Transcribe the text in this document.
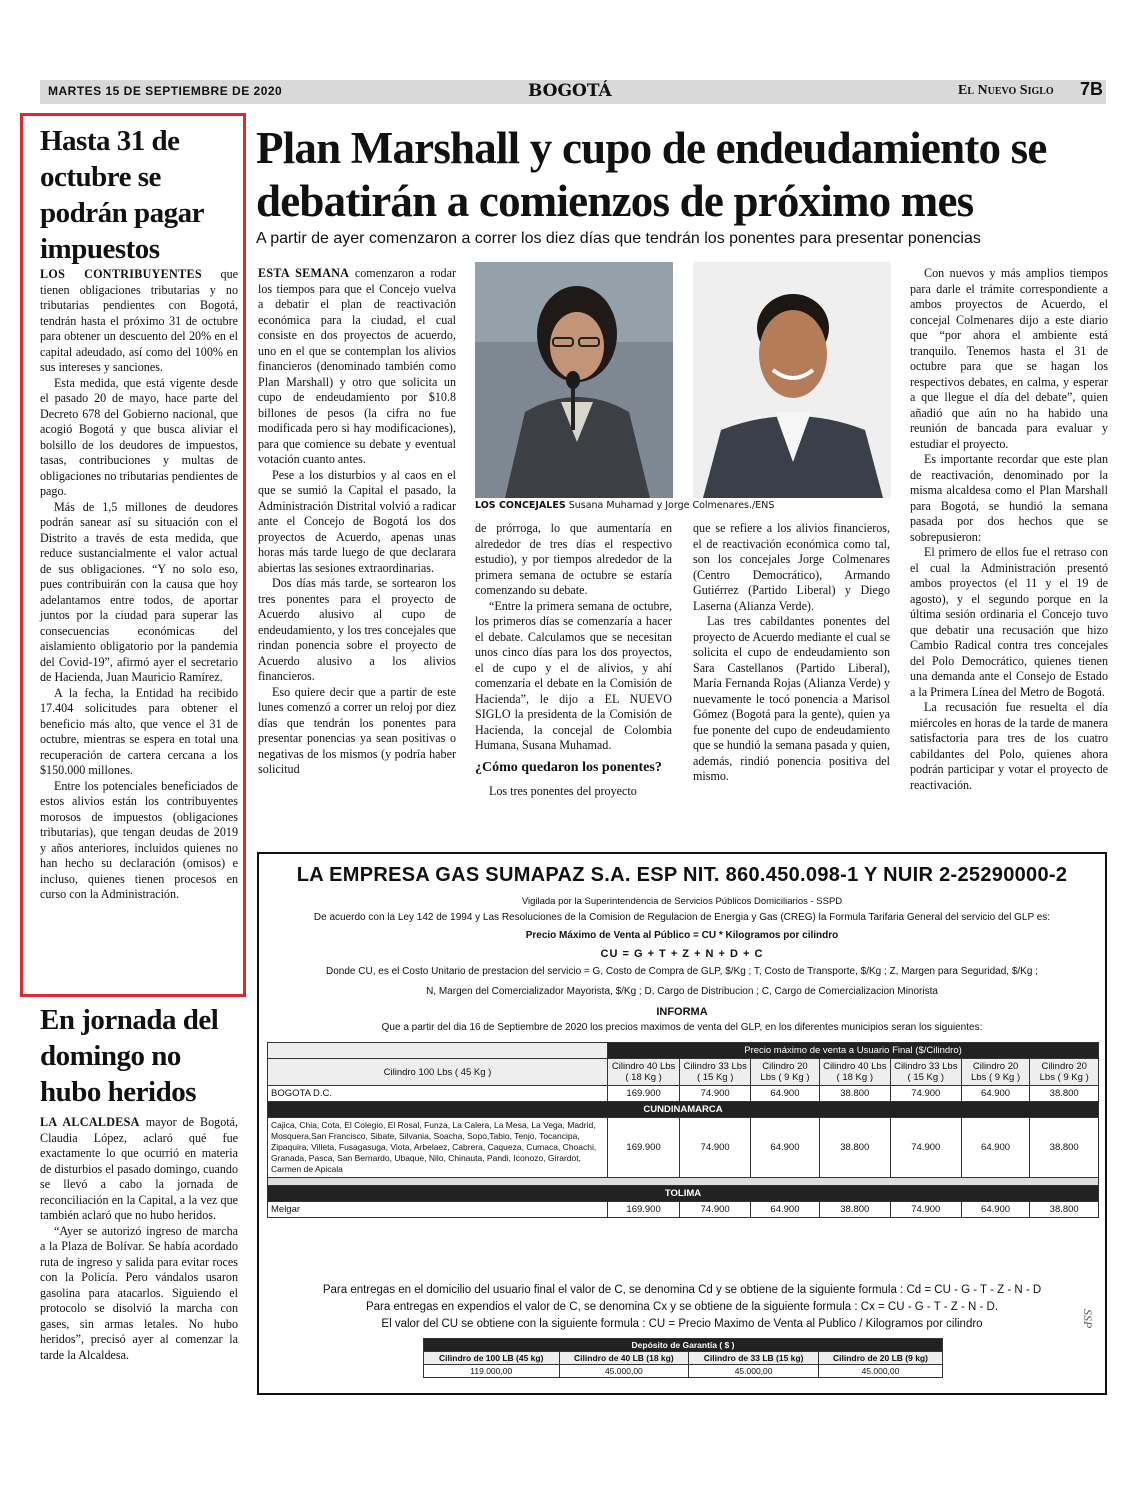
MARTES 15 DE SEPTIEMBRE DE 2020	BOGOTÁ	El Nuevo Siglo 7B
Hasta 31 de octubre se podrán pagar impuestos

LOS CONTRIBUYENTES que tienen obligaciones tributarias y no tributarias pendientes con Bogotá, tendrán hasta el próximo 31 de octubre para obtener un descuento del 20% en el capital adeudado, así como del 100% en sus intereses y sanciones.

Esta medida, que está vigente desde el pasado 20 de mayo, hace parte del Decreto 678 del Gobierno nacional, que acogió Bogotá y que busca aliviar el bolsillo de los deudores de impuestos, tasas, contribuciones y multas de obligaciones no tributarias pendientes de pago.

Más de 1,5 millones de deudores podrán sanear así su situación con el Distrito a través de esta medida, que reduce sustancialmente el valor actual de sus obligaciones. “Y no solo eso, pues contribuirán con la causa que hoy adelantamos entre todos, de aportar juntos por la ciudad para superar las consecuencias económicas del aislamiento obligatorio por la pandemia del Covid-19”, afirmó ayer el secretario de Hacienda, Juan Mauricio Ramírez.

A la fecha, la Entidad ha recibido 17.404 solicitudes para obtener el beneficio más alto, que vence el 31 de octubre, mientras se espera en total una recuperación de cartera cercana a los $150.000 millones.

Entre los potenciales beneficiados de estos alivios están los contribuyentes morosos de impuestos (obligaciones tributarias), que tengan deudas de 2019 y años anteriores, incluidos quienes no han hecho su declaración (omisos) e incluso, quienes tienen procesos en curso con la Administración.

En jornada del domingo no hubo heridos

LA ALCALDESA mayor de Bogotá, Claudia López, aclaró qué fue exactamente lo que ocurrió en materia de disturbios el pasado domingo, cuando se llevó a cabo la jornada de reconciliación en la Capital, a la vez que también aclaró que no hubo heridos.

“Ayer se autorizó ingreso de marcha a la Plaza de Bolívar. Se había acordado ruta de ingreso y salida para evitar roces con la Policía. Pero vándalos usaron gasolina para atacarlos. Siguiendo el protocolo se disolvió la marcha con gases, sin armas letales. No hubo heridos”, precisó ayer al comenzar la tarde la Alcaldesa.

Plan Marshall y cupo de endeudamiento se debatirán a comienzos de próximo mes
A partir de ayer comenzaron a correr los diez días que tendrán los ponentes para presentar ponencias

ESTA SEMANA comenzaron a rodar los tiempos para que el Concejo vuelva a debatir el plan de reactivación económica para la ciudad, el cual consiste en dos proyectos de acuerdo, uno en el que se contemplan los alivios financieros (denominado también como Plan Marshall) y otro que solicita un cupo de endeudamiento por $10.8 billones de pesos (la cifra no fue modificada pero si hay modificaciones), para que comience su debate y eventual votación cuanto antes.

Pese a los disturbios y al caos en el que se sumió la Capital el pasado, la Administración Distrital volvió a radicar ante el Concejo de Bogotá los dos proyectos de Acuerdo, apenas unas horas más tarde luego de que declarara abiertas las sesiones extraordinarias.

Dos días más tarde, se sortearon los tres ponentes para el proyecto de Acuerdo alusivo al cupo de endeudamiento, y los tres concejales que rindan ponencia sobre el proyecto de Acuerdo alusivo a los alivios financieros.

Eso quiere decir que a partir de este lunes comenzó a correr un reloj por diez días que tendrán los ponentes para presentar ponencias ya sean positivas o negativas de los mismos (y podría haber solicitud

LOS CONCEJALES Susana Muhamad y Jorge Colmenares./ENS

de prórroga, lo que aumentaría en alrededor de tres días el respectivo estudio), y por tiempos alrededor de la primera semana de octubre se estaría comenzando su debate.

“Entre la primera semana de octubre, los primeros días se comenzaría a hacer el debate. Calculamos que se necesitan unos cinco días para los dos proyectos, el de cupo y el de alivios, y ahí comenzaría el debate en la Comisión de Hacienda”, le dijo a EL NUEVO SIGLO la presidenta de la Comisión de Hacienda, la concejal de Colombia Humana, Susana Muhamad.

¿Cómo quedaron los ponentes?

Los tres ponentes del proyecto

que se refiere a los alivios financieros, el de reactivación económica como tal, son los concejales Jorge Colmenares (Centro Democrático), Armando Gutiérrez (Partido Liberal) y Diego Laserna (Alianza Verde).

Las tres cabildantes ponentes del proyecto de Acuerdo mediante el cual se solicita el cupo de endeudamiento son Sara Castellanos (Partido Liberal), María Fernanda Rojas (Alianza Verde) y nuevamente le tocó ponencia a Marisol Gómez (Bogotá para la gente), quien ya fue ponente del cupo de endeudamiento que se hundió la semana pasada y quien, además, rindió ponencia positiva del mismo.

Con nuevos y más amplios tiempos para darle el trámite correspondiente a ambos proyectos de Acuerdo, el concejal Colmenares dijo a este diario que “por ahora el ambiente está tranquilo. Tenemos hasta el 31 de octubre para que se hagan los respectivos debates, en calma, y esperar a que llegue el día del debate”, quien añadió que aún no ha habido una reunión de bancada para evaluar y estudiar el proyecto.

Es importante recordar que este plan de reactivación, denominado por la misma alcaldesa como el Plan Marshall para Bogotá, se hundió la semana pasada por dos hechos que se sobrepusieron:

El primero de ellos fue el retraso con el cual la Administración presentó ambos proyectos (el 11 y el 19 de agosto), y el segundo porque en la última sesión ordinaria el Concejo tuvo que debatir una recusación que hizo Cambio Radical contra tres concejales del Polo Democrático, quienes tienen una demanda ante el Consejo de Estado a la Primera Línea del Metro de Bogotá.

La recusación fue resuelta el día miércoles en horas de la tarde de manera satisfactoria para tres de los cuatro cabildantes del Polo, quienes ahora podrán participar y votar el proyecto de reactivación.

LA EMPRESA GAS SUMAPAZ S.A. ESP NIT. 860.450.098-1 Y NUIR 2-25290000-2
Vigilada por la Superintendencia de Servicios Públicos Domiciliarios - SSPD
De acuerdo con la Ley 142 de 1994 y Las Resoluciones de la Comision de Regulacion de Energia y Gas (CREG) la Formula Tarifaria General del servicio del GLP es:
Precio Máximo de Venta al Público = CU * Kilogramos por cilindro
CU = G + T + Z + N + D + C
Donde CU, es el Costo Unitario de prestacion del servicio = G, Costo de Compra de GLP, $/Kg ; T, Costo de Transporte, $/Kg ; Z, Margen para Seguridad, $/Kg ;
N, Margen del Comercializador Mayorista, $/Kg ; D, Cargo de Distribucion ; C, Cargo de Comercializacion Minorista
INFORMA
Que a partir del dia 16 de Septiembre de 2020 los precios maximos de venta del GLP, en los diferentes municipios seran los siguientes:
	Precio máximo de venta a Usuario Final ($/Cilindro)						
Cilindro 100 Lbs ( 45 Kg )	Cilindro 40 Lbs ( 18 Kg )	Cilindro 33 Lbs ( 15 Kg )	Cilindro 20 Lbs ( 9 Kg )	Cilindro 40 Lbs ( 18 Kg )	Cilindro 33 Lbs ( 15 Kg )	Cilindro 20 Lbs ( 9 Kg )	Cilindro 20 Lbs ( 9 Kg )
BOGOTA D.C.	169.900	74.900	64.900	38.800	74.900	64.900	38.800
CUNDINAMARCA							
Cajica, Chia, Cota, El Colegio, El Rosal, Funza, La Calera, La Mesa, La Vega, Madrid, Mosquera,San Francisco, Sibate, Silvania, Soacha, Sopo,Tabio, Tenjo, Tocancipa, Zipaquira, Villeta, Fusagasuga, Viota, Arbelaez, Cabrera, Caqueza, Cumaca, Choachi, Granada, Pasca, San Bernardo, Ubaque, Nilo, Chinauta, Pandi, Iconozo, Girardot, Carmen de Apicala	169.900	74.900	64.900	38.800	74.900	64.900	38.800

TOLIMA							
Melgar	169.900	74.900	64.900	38.800	74.900	64.900	38.800
Para entregas en el domicilio del usuario final el valor de C, se denomina Cd y se obtiene de la siguiente formula : Cd = CU - G - T - Z - N - D
Para entregas en expendios el valor de C, se denomina Cx y se obtiene de la siguiente formula : Cx = CU - G - T - Z - N - D.
El valor del CU se obtiene con la siguiente formula : CU = Precio Maximo de Venta al Publico / Kilogramos por cilindro
Depósito de Garantía ( $ )			
Cilindro de 100 LB (45 kg)	Cilindro de 40 LB (18 kg)	Cilindro de 33 LB (15 kg)	Cilindro de 20 LB (9 kg)
119.000,00	45.000,00	45.000,00	45.000,00
SSP
